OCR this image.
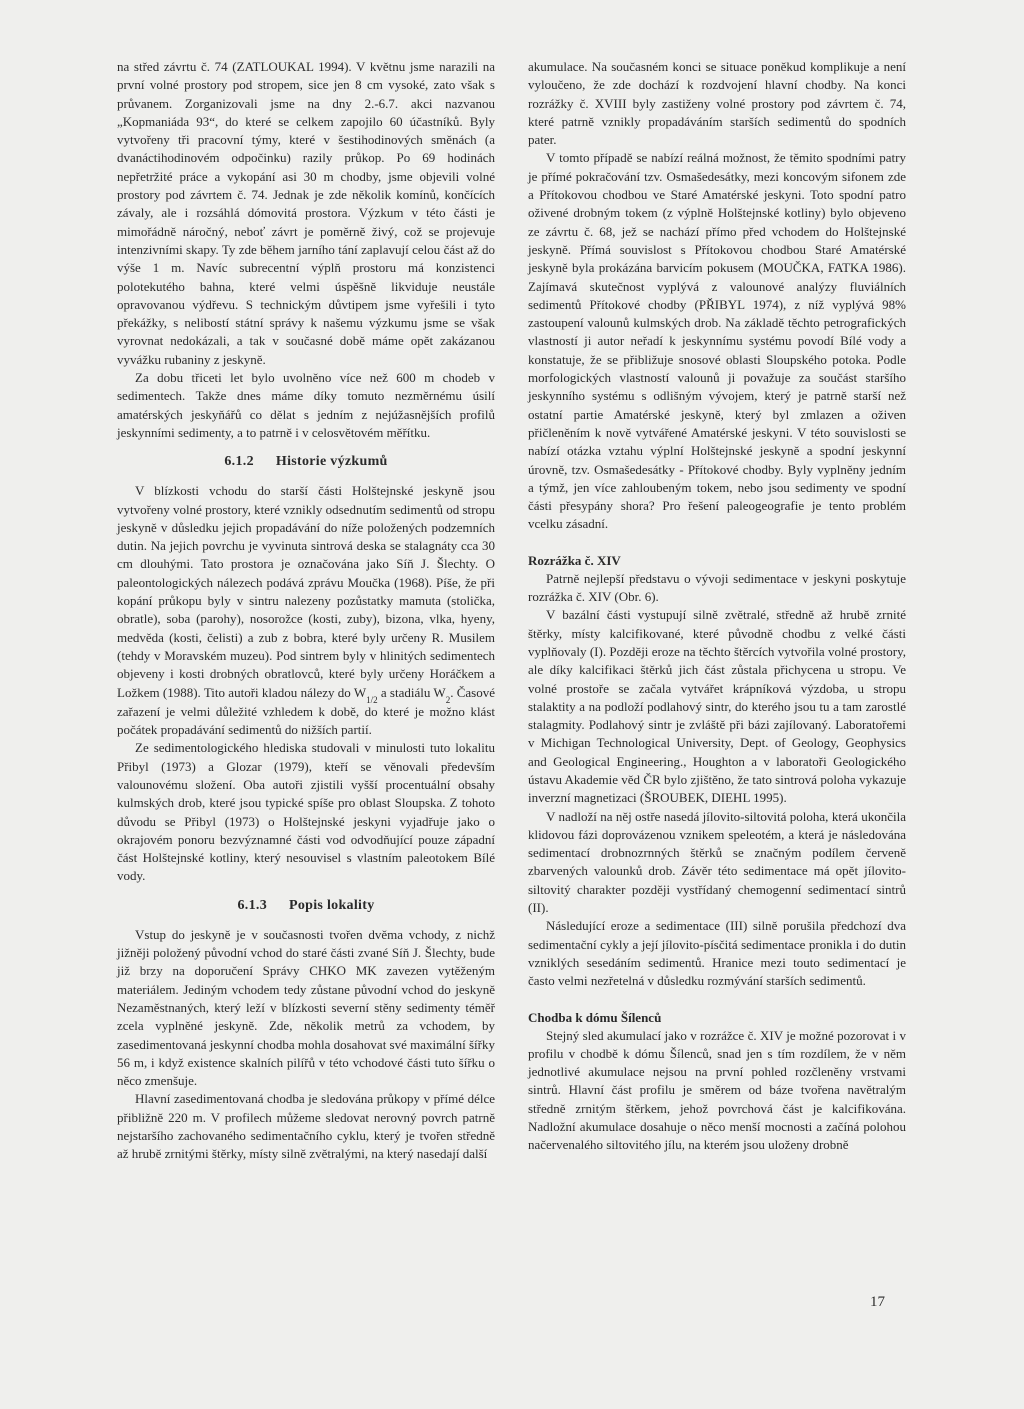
na střed závrtu č. 74 (ZATLOUKAL 1994). V květnu jsme narazili na první volné prostory pod stropem, sice jen 8 cm vysoké, zato však s průvanem. Zorganizovali jsme na dny 2.-6.7. akci nazvanou „Kopmaniáda 93“, do které se celkem zapojilo 60 účastníků. Byly vytvořeny tři pracovní týmy, které v šestihodinových směnách (a dvanáctihodinovém odpočinku) razily průkop. Po 69 hodinách nepřetržité práce a vykopání asi 30 m chodby, jsme objevili volné prostory pod závrtem č. 74. Jednak je zde několik komínů, končících závaly, ale i rozsáhlá dómovitá prostora. Výzkum v této části je mimořádně náročný, neboť závrt je poměrně živý, což se projevuje intenzivními skapy. Ty zde během jarního tání zaplavují celou část až do výše 1 m. Navíc subrecentní výplň prostoru má konzistenci polotekutého bahna, které velmi úspěšně likviduje neustále opravovanou výdřevu. S technickým důvtipem jsme vyřešili i tyto překážky, s nelibostí státní správy k našemu výzkumu jsme se však vyrovnat nedokázali, a tak v současné době máme opět zakázanou vyvážku rubaniny z jeskyně.

Za dobu třiceti let bylo uvolněno více než 600 m chodeb v sedimentech. Takže dnes máme díky tomuto nezměrnému úsilí amatérských jeskyňářů co dělat s jedním z nejúžasnějších profilů jeskynními sedimenty, a to patrně i v celosvětovém měřítku.

6.1.2 Historie výzkumů

V blízkosti vchodu do starší části Holštejnské jeskyně jsou vytvořeny volné prostory, které vznikly odsednutím sedimentů od stropu jeskyně v důsledku jejich propadávání do níže položených podzemních dutin. Na jejich povrchu je vyvinuta sintrová deska se stalagnáty cca 30 cm dlouhými. Tato prostora je označována jako Síň J. Šlechty. O paleontologických nálezech podává zprávu Moučka (1968). Píše, že při kopání průkopu byly v sintru nalezeny pozůstatky mamuta (stolička, obratle), soba (parohy), nosorožce (kosti, zuby), bizona, vlka, hyeny, medvěda (kosti, čelisti) a zub z bobra, které byly určeny R. Musilem (tehdy v Moravském muzeu). Pod sintrem byly v hlinitých sedimentech objeveny i kosti drobných obratlovců, které byly určeny Horáčkem a Ložkem (1988). Tito autoři kladou nálezy do $W_{1/2}$ a stadiálu $W_2$. Časové zařazení je velmi důležité vzhledem k době, do které je možno klást počátek propadávání sedimentů do nižších partií.

Ze sedimentologického hlediska studovali v minulosti tuto lokalitu Přibyl (1973) a Glozar (1979), kteří se věnovali především valounovému složení. Oba autoři zjistili vyšší procentuální obsahy kulmských drob, které jsou typické spíše pro oblast Sloupska. Z tohoto důvodu se Přibyl (1973) o Holštejnské jeskyni vyjadřuje jako o okrajovém ponoru bezvýznamné části vod odvodňující pouze západní část Holštejnské kotliny, který nesouvisel s vlastním paleotokem Bílé vody.

6.1.3 Popis lokality

Vstup do jeskyně je v současnosti tvořen dvěma vchody, z nichž jižněji položený původní vchod do staré části zvané Síň J. Šlechty, bude již brzy na doporučení Správy CHKO MK zavezen vytěženým materiálem. Jediným vchodem tedy zůstane původní vchod do jeskyně Nezaměstnaných, který leží v blízkosti severní stěny sedimenty téměř zcela vyplněné jeskyně. Zde, několik metrů za vchodem, by zasedimentovaná jeskynní chodba mohla dosahovat své maximální šířky 56 m, i když existence skalních pilířů v této vchodové části tuto šířku o něco zmenšuje.

Hlavní zasedimentovaná chodba je sledována průkopy v přímé délce přibližně 220 m. V profilech můžeme sledovat nerovný povrch patrně nejstaršího zachovaného sedimentačního cyklu, který je tvořen středně až hrubě zrnitými štěrky, místy silně zvětralými, na který nasedají další

akumulace. Na současném konci se situace poněkud komplikuje a není vyloučeno, že zde dochází k rozdvojení hlavní chodby. Na konci rozrážky č. XVIII byly zastiženy volné prostory pod závrtem č. 74, které patrně vznikly propadáváním starších sedimentů do spodních pater.

V tomto případě se nabízí reálná možnost, že těmito spodními patry je přímé pokračování tzv. Osmašedesátky, mezi koncovým sifonem zde a Přítokovou chodbou ve Staré Amatérské jeskyni. Toto spodní patro oživené drobným tokem (z výplně Holštejnské kotliny) bylo objeveno ze závrtu č. 68, jež se nachází přímo před vchodem do Holštejnské jeskyně. Přímá souvislost s Přítokovou chodbou Staré Amatérské jeskyně byla prokázána barvicím pokusem (MOUČKA, FATKA 1986). Zajímavá skutečnost vyplývá z valounové analýzy fluviálních sedimentů Přítokové chodby (PŘIBYL 1974), z níž vyplývá 98% zastoupení valounů kulmských drob. Na základě těchto petrografických vlastností ji autor neřadí k jeskynnímu systému povodí Bílé vody a konstatuje, že se přibližuje snosové oblasti Sloupského potoka. Podle morfologických vlastností valounů ji považuje za součást staršího jeskynního systému s odlišným vývojem, který je patrně starší než ostatní partie Amatérské jeskyně, který byl zmlazen a oživen přičleněním k nově vytvářené Amatérské jeskyni. V této souvislosti se nabízí otázka vztahu výplní Holštejnské jeskyně a spodní jeskynní úrovně, tzv. Osmašedesátky - Přítokové chodby. Byly vyplněny jedním a týmž, jen více zahloubeným tokem, nebo jsou sedimenty ve spodní části přesypány shora? Pro řešení paleogeografie je tento problém vcelku zásadní.

Rozrážka č. XIV

Patrně nejlepší představu o vývoji sedimentace v jeskyni poskytuje rozrážka č. XIV (Obr. 6).

V bazální části vystupují silně zvětralé, středně až hrubě zrnité štěrky, místy kalcifikované, které původně chodbu z velké části vyplňovaly (I). Později eroze na těchto štěrcích vytvořila volné prostory, ale díky kalcifikaci štěrků jich část zůstala přichycena u stropu. Ve volné prostoře se začala vytvářet krápníková výzdoba, u stropu stalaktity a na podloží podlahový sintr, do kterého jsou tu a tam zarostlé stalagmity. Podlahový sintr je zvláště při bázi zajílovaný. Laboratořemi v Michigan Technological University, Dept. of Geology, Geophysics and Geological Engineering., Houghton a v laboratoři Geologického ústavu Akademie věd ČR bylo zjištěno, že tato sintrová poloha vykazuje inverzní magnetizaci (ŠROUBEK, DIEHL 1995).

V nadloží na něj ostře nasedá jílovito-siltovitá poloha, která ukončila klidovou fázi doprovázenou vznikem speleotém, a která je následována sedimentací drobnozrnných štěrků se značným podílem červeně zbarvených valounků drob. Závěr této sedimentace má opět jílovito-siltovitý charakter později vystřídaný chemogenní sedimentací sintrů (II).

Následující eroze a sedimentace (III) silně porušila předchozí dva sedimentační cykly a její jílovito-písčitá sedimentace pronikla i do dutin vzniklých sesedáním sedimentů. Hranice mezi touto sedimentací je často velmi nezřetelná v důsledku rozmývání starších sedimentů.

Chodba k dómu Šílenců

Stejný sled akumulací jako v rozrážce č. XIV je možné pozorovat i v profilu v chodbě k dómu Šílenců, snad jen s tím rozdílem, že v něm jednotlivé akumulace nejsou na první pohled rozčleněny vrstvami sintrů. Hlavní část profilu je směrem od báze tvořena navětralým středně zrnitým štěrkem, jehož povrchová část je kalcifikována. Nadložní akumulace dosahuje o něco menší mocnosti a začíná polohou načervenalého siltovitého jílu, na kterém jsou uloženy drobně

17
